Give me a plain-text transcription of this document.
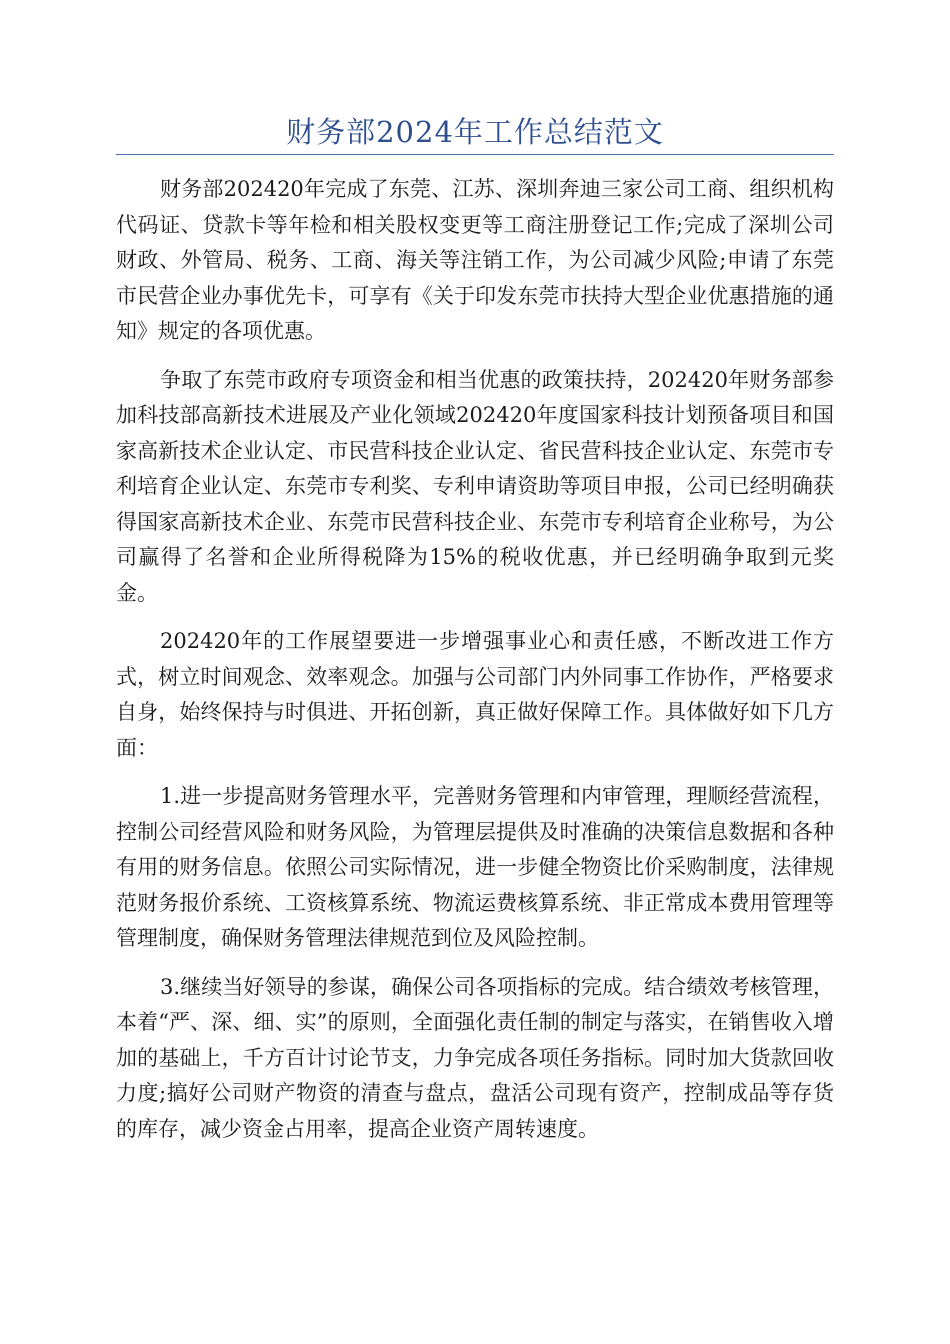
财务部2024年工作总结范文

财务部202420年完成了东莞、江苏、深圳奔迪三家公司工商、组织机构代码证、贷款卡等年检和相关股权变更等工商注册登记工作;完成了深圳公司财政、外管局、税务、工商、海关等注销工作，为公司减少风险;申请了东莞市民营企业办事优先卡，可享有《关于印发东莞市扶持大型企业优惠措施的通知》规定的各项优惠。

争取了东莞市政府专项资金和相当优惠的政策扶持，202420年财务部参加科技部高新技术进展及产业化领域202420年度国家科技计划预备项目和国家高新技术企业认定、市民营科技企业认定、省民营科技企业认定、东莞市专利培育企业认定、东莞市专利奖、专利申请资助等项目申报，公司已经明确获得国家高新技术企业、东莞市民营科技企业、东莞市专利培育企业称号，为公司赢得了名誉和企业所得税降为15%的税收优惠，并已经明确争取到元奖金。

202420年的工作展望要进一步增强事业心和责任感，不断改进工作方式，树立时间观念、效率观念。加强与公司部门内外同事工作协作，严格要求自身，始终保持与时俱进、开拓创新，真正做好保障工作。具体做好如下几方面：

1.进一步提高财务管理水平，完善财务管理和内审管理，理顺经营流程，控制公司经营风险和财务风险，为管理层提供及时准确的决策信息数据和各种有用的财务信息。依照公司实际情况，进一步健全物资比价采购制度，法律规范财务报价系统、工资核算系统、物流运费核算系统、非正常成本费用管理等管理制度，确保财务管理法律规范到位及风险控制。

3.继续当好领导的参谋，确保公司各项指标的完成。结合绩效考核管理，本着“严、深、细、实”的原则，全面强化责任制的制定与落实，在销售收入增加的基础上，千方百计讨论节支，力争完成各项任务指标。同时加大货款回收力度;搞好公司财产物资的清查与盘点，盘活公司现有资产，控制成品等存货的库存，减少资金占用率，提高企业资产周转速度。
